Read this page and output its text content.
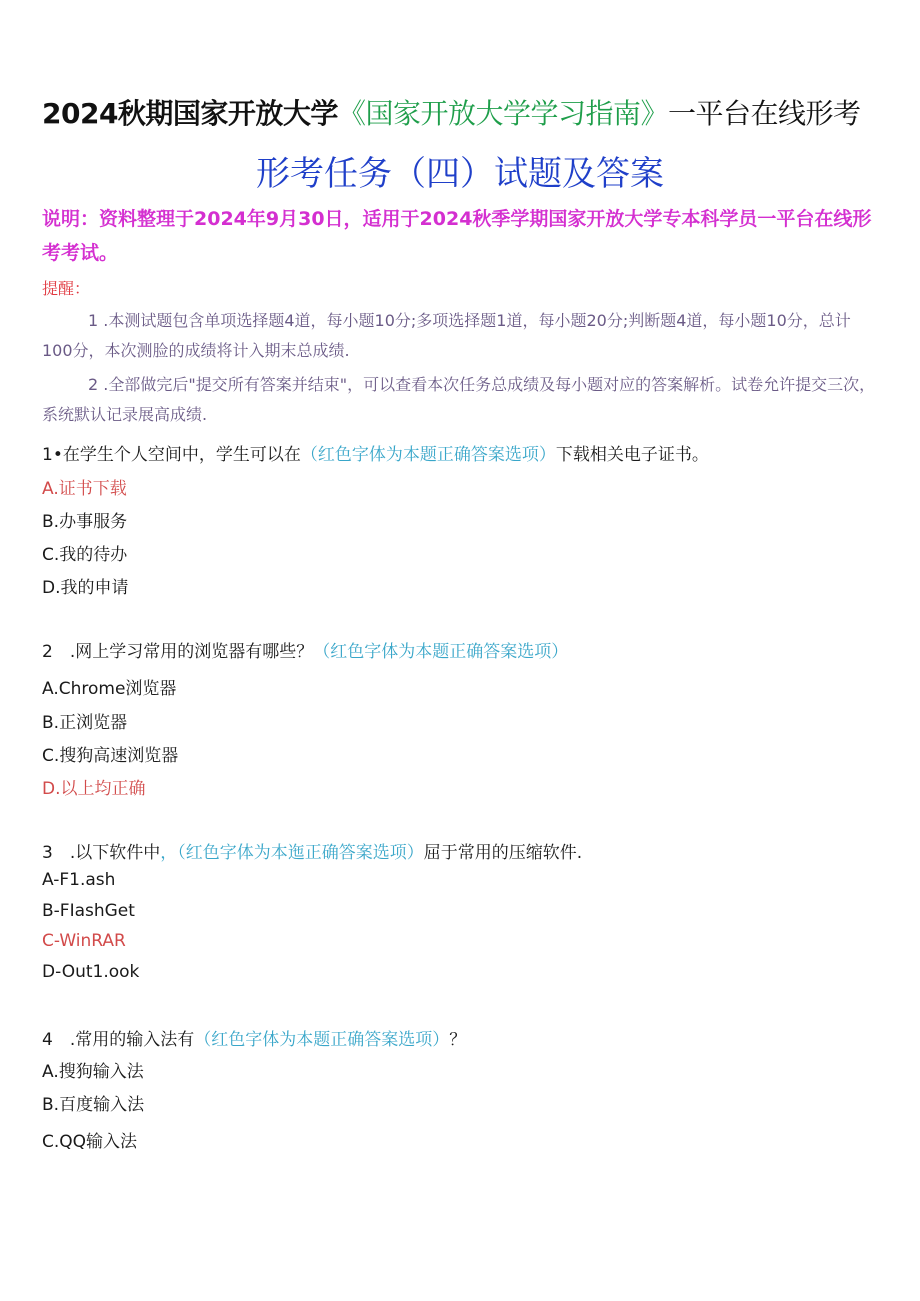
2024秋期国家开放大学《国家开放大学学习指南》一平台在线形考
形考任务（四）试题及答案
说明：资料整理于2024年9月30日，适用于2024秋季学期国家开放大学专本科学员一平台在线形考考试。
提醒：
1 .本测试题包含单项选择题4道，每小题10分;多项选择题1道，每小题20分;判断题4道，每小题10分，总计100分，本次测脸的成绩将计入期末总成绩.
2 .全部做完后"提交所有答案并结束"，可以查看本次任务总成绩及每小题对应的答案解析。试卷允许提交三次，系统默认记录展高成绩.
1•在学生个人空间中，学生可以在（红色字体为本题正确答案选项）下载相关电子证书。
A.证书下载
B.办事服务
C.我的待办
D.我的申请
2 .网上学习常用的浏览器有哪些？（红色字体为本题正确答案选项）
A.Chrome浏览器
B.正浏览器
C.搜狗高速浏览器
D.以上均正确
3 .以下软件中，（红色字体为本迤正确答案选项）屈于常用的压缩软件.
A-F1.ash
B-FIashGet
C-WinRAR
D-Out1.ook
4 .常用的输入法有（红色字体为本题正确答案选项）？
A.搜狗输入法
B.百度输入法
C.QQ输入法
